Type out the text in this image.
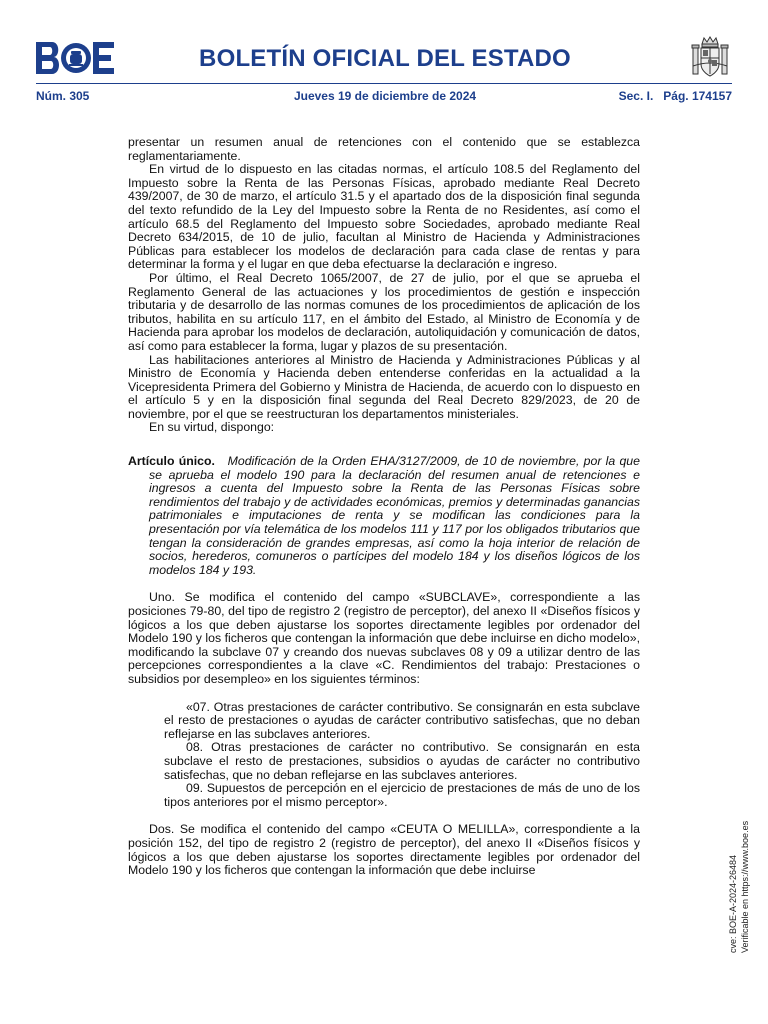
BOLETÍN OFICIAL DEL ESTADO
Núm. 305	Jueves 19 de diciembre de 2024	Sec. I. Pág. 174157

presentar un resumen anual de retenciones con el contenido que se establezca reglamentariamente.

En virtud de lo dispuesto en las citadas normas, el artículo 108.5 del Reglamento del Impuesto sobre la Renta de las Personas Físicas, aprobado mediante Real Decreto 439/2007, de 30 de marzo, el artículo 31.5 y el apartado dos de la disposición final segunda del texto refundido de la Ley del Impuesto sobre la Renta de no Residentes, así como el artículo 68.5 del Reglamento del Impuesto sobre Sociedades, aprobado mediante Real Decreto 634/2015, de 10 de julio, facultan al Ministro de Hacienda y Administraciones Públicas para establecer los modelos de declaración para cada clase de rentas y para determinar la forma y el lugar en que deba efectuarse la declaración e ingreso.

Por último, el Real Decreto 1065/2007, de 27 de julio, por el que se aprueba el Reglamento General de las actuaciones y los procedimientos de gestión e inspección tributaria y de desarrollo de las normas comunes de los procedimientos de aplicación de los tributos, habilita en su artículo 117, en el ámbito del Estado, al Ministro de Economía y de Hacienda para aprobar los modelos de declaración, autoliquidación y comunicación de datos, así como para establecer la forma, lugar y plazos de su presentación.

Las habilitaciones anteriores al Ministro de Hacienda y Administraciones Públicas y al Ministro de Economía y Hacienda deben entenderse conferidas en la actualidad a la Vicepresidenta Primera del Gobierno y Ministra de Hacienda, de acuerdo con lo dispuesto en el artículo 5 y en la disposición final segunda del Real Decreto 829/2023, de 20 de noviembre, por el que se reestructuran los departamentos ministeriales.

En su virtud, dispongo:

Artículo único. Modificación de la Orden EHA/3127/2009, de 10 de noviembre, por la que se aprueba el modelo 190 para la declaración del resumen anual de retenciones e ingresos a cuenta del Impuesto sobre la Renta de las Personas Físicas sobre rendimientos del trabajo y de actividades económicas, premios y determinadas ganancias patrimoniales e imputaciones de renta y se modifican las condiciones para la presentación por vía telemática de los modelos 111 y 117 por los obligados tributarios que tengan la consideración de grandes empresas, así como la hoja interior de relación de socios, herederos, comuneros o partícipes del modelo 184 y los diseños lógicos de los modelos 184 y 193.

Uno. Se modifica el contenido del campo «SUBCLAVE», correspondiente a las posiciones 79-80, del tipo de registro 2 (registro de perceptor), del anexo II «Diseños físicos y lógicos a los que deben ajustarse los soportes directamente legibles por ordenador del Modelo 190 y los ficheros que contengan la información que debe incluirse en dicho modelo», modificando la subclave 07 y creando dos nuevas subclaves 08 y 09 a utilizar dentro de las percepciones correspondientes a la clave «C. Rendimientos del trabajo: Prestaciones o subsidios por desempleo» en los siguientes términos:

«07. Otras prestaciones de carácter contributivo. Se consignarán en esta subclave el resto de prestaciones o ayudas de carácter contributivo satisfechas, que no deban reflejarse en las subclaves anteriores.

08. Otras prestaciones de carácter no contributivo. Se consignarán en esta subclave el resto de prestaciones, subsidios o ayudas de carácter no contributivo satisfechas, que no deban reflejarse en las subclaves anteriores.

09. Supuestos de percepción en el ejercicio de prestaciones de más de uno de los tipos anteriores por el mismo perceptor».

Dos. Se modifica el contenido del campo «CEUTA O MELILLA», correspondiente a la posición 152, del tipo de registro 2 (registro de perceptor), del anexo II «Diseños físicos y lógicos a los que deben ajustarse los soportes directamente legibles por ordenador del Modelo 190 y los ficheros que contengan la información que debe incluirse	cve: BOE-A-2024-26484 Verificable en https://www.boe.es
